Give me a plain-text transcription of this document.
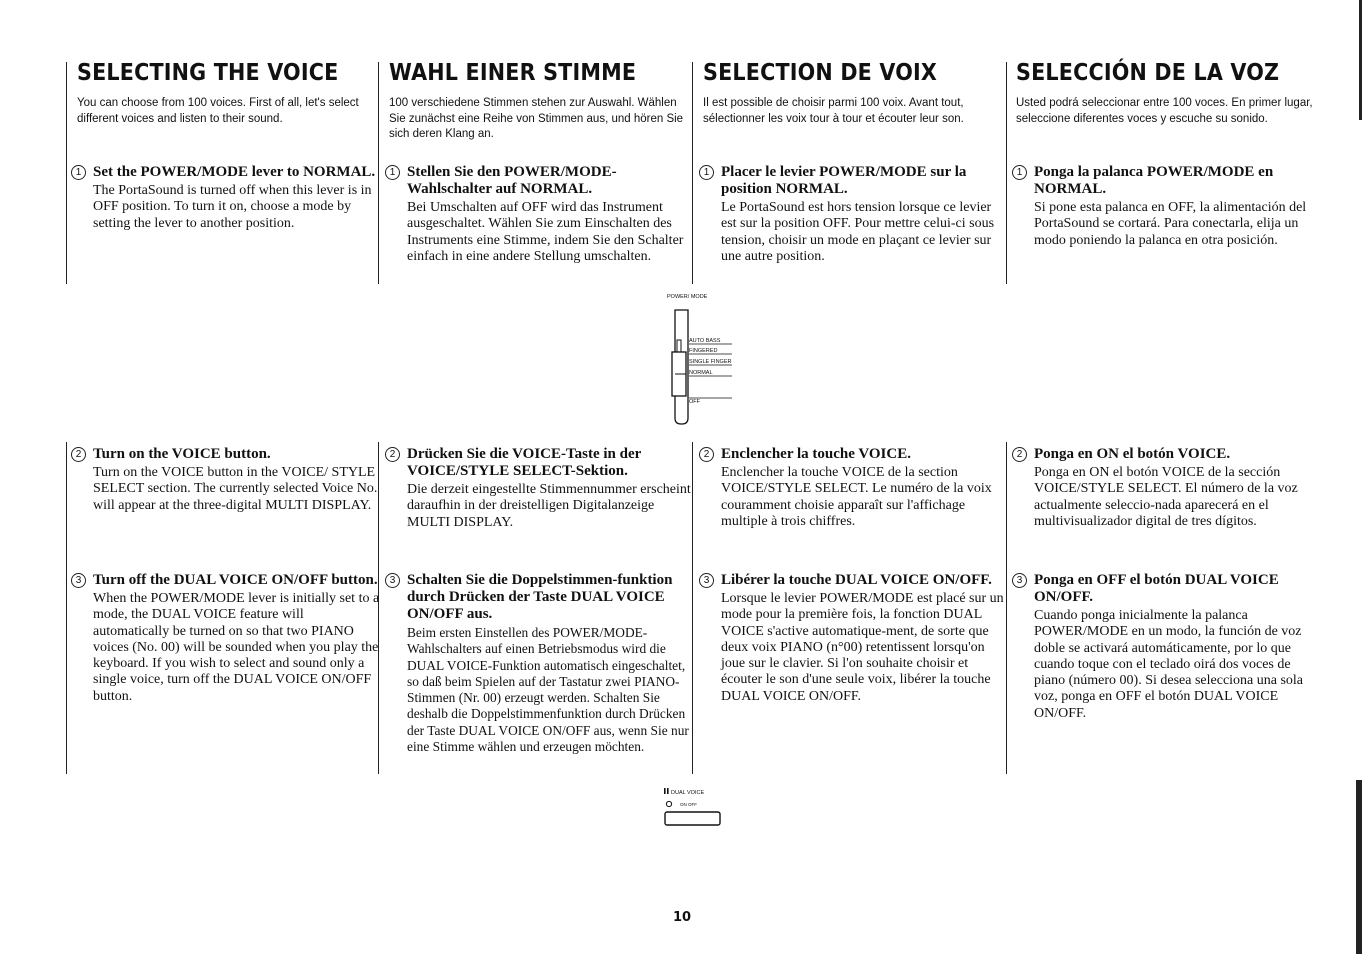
SELECTING THE VOICE

You can choose from 100 voices. First of all, let's select different voices and listen to their sound.

1 Set the POWER/MODE lever to NORMAL.
The PortaSound is turned off when this lever is in OFF position. To turn it on, choose a mode by setting the lever to another position.
2 Turn on the VOICE button.
Turn on the VOICE button in the VOICE/ STYLE SELECT section. The currently selected Voice No. will appear at the three-digital MULTI DISPLAY.
3 Turn off the DUAL VOICE ON/OFF button.
When the POWER/MODE lever is initially set to a mode, the DUAL VOICE feature will automatically be turned on so that two PIANO voices (No. 00) will be sounded when you play the keyboard. If you wish to select and sound only a single voice, turn off the DUAL VOICE ON/OFF button.
WAHL EINER STIMME

100 verschiedene Stimmen stehen zur Auswahl. Wählen Sie zunächst eine Reihe von Stimmen aus, und hören Sie sich deren Klang an.

1 Stellen Sie den POWER/MODE-Wahlschalter auf NORMAL.
Bei Umschalten auf OFF wird das Instrument ausgeschaltet. Wählen Sie zum Einschalten des Instruments eine Stimme, indem Sie den Schalter einfach in eine andere Stellung umschalten.
2 Drücken Sie die VOICE-Taste in der VOICE/STYLE SELECT-Sektion.
Die derzeit eingestellte Stimmennummer erscheint daraufhin in der dreistelligen Digitalanzeige MULTI DISPLAY.
3 Schalten Sie die Doppelstimmen-funktion durch Drücken der Taste DUAL VOICE ON/OFF aus.
Beim ersten Einstellen des POWER/MODE-Wahlschalters auf einen Betriebsmodus wird die DUAL VOICE-Funktion automatisch eingeschaltet, so daß beim Spielen auf der Tastatur zwei PIANO-Stimmen (Nr. 00) erzeugt werden. Schalten Sie deshalb die Doppelstimmenfunktion durch Drücken der Taste DUAL VOICE ON/OFF aus, wenn Sie nur eine Stimme wählen und erzeugen möchten.
SELECTION DE VOIX

Il est possible de choisir parmi 100 voix. Avant tout, sélectionner les voix tour à tour et écouter leur son.

1 Placer le levier POWER/MODE sur la position NORMAL.
Le PortaSound est hors tension lorsque ce levier est sur la position OFF. Pour mettre celui-ci sous tension, choisir un mode en plaçant ce levier sur une autre position.
2 Enclencher la touche VOICE.
Enclencher la touche VOICE de la section VOICE/STYLE SELECT. Le numéro de la voix couramment choisie apparaît sur l'affichage multiple à trois chiffres.
3 Libérer la touche DUAL VOICE ON/OFF.
Lorsque le levier POWER/MODE est placé sur un mode pour la première fois, la fonction DUAL VOICE s'active automatique-ment, de sorte que deux voix PIANO (n°00) retentissent lorsqu'on joue sur le clavier. Si l'on souhaite choisir et écouter le son d'une seule voix, libérer la touche DUAL VOICE ON/OFF.
SELECCIÓN DE LA VOZ

Usted podrá seleccionar entre 100 voces. En primer lugar, seleccione diferentes voces y escuche su sonido.

1 Ponga la palanca POWER/MODE en NORMAL.
Si pone esta palanca en OFF, la alimentación del PortaSound se cortará. Para conectarla, elija un modo poniendo la palanca en otra posición.
2 Ponga en ON el botón VOICE.
Ponga en ON el botón VOICE de la sección VOICE/STYLE SELECT. El número de la voz actualmente seleccio-nada aparecerá en el multivisualizador digital de tres dígitos.
3 Ponga en OFF el botón DUAL VOICE ON/OFF.
Cuando ponga inicialmente la palanca POWER/MODE en un modo, la función de voz doble se activará automáticamente, por lo que cuando toque con el teclado oirá dos voces de piano (número 00). Si desea selecciona una sola voz, ponga en OFF el botón DUAL VOICE ON/OFF.
POWER/ MODE
AUTO BASS
FINGERED
SINGLE FINGER
NORMAL
OFF
DUAL VOICE
ON OFF
10
